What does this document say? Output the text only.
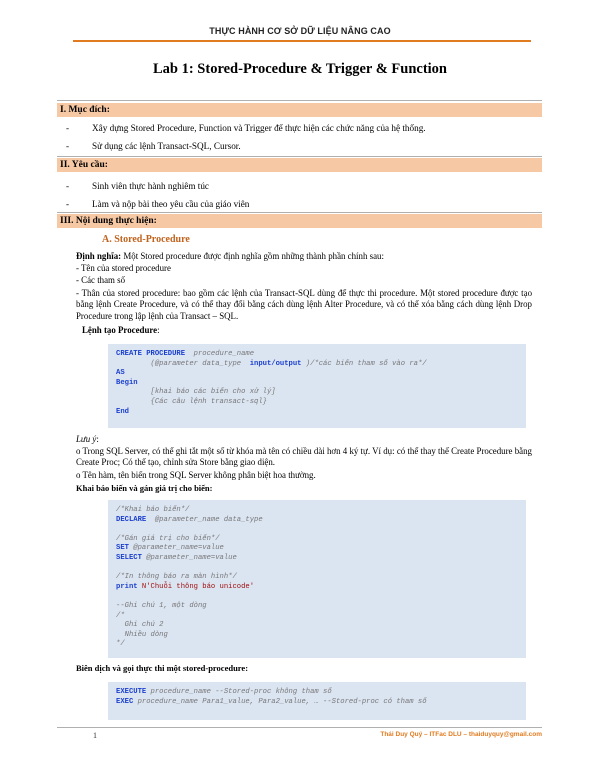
THỰC HÀNH CƠ SỞ DỮ LIỆU NÂNG CAO
Lab 1: Stored-Procedure & Trigger & Function
I. Mục đích:
- Xây dựng Stored Procedure, Function và Trigger để thực hiện các chức năng của hệ thống.
- Sử dụng các lệnh Transact-SQL, Cursor.
II. Yêu cầu:
- Sinh viên thực hành nghiêm túc
- Làm và nộp bài theo yêu cầu của giáo viên
III. Nội dung thực hiện:
A. Stored-Procedure
Định nghĩa: Một Stored procedure được định nghĩa gồm những thành phần chính sau:
- Tên của stored procedure
- Các tham số
- Thân của stored procedure: bao gồm các lệnh của Transact-SQL dùng để thực thi procedure. Một stored procedure được tạo bằng lệnh Create Procedure, và có thể thay đổi bằng cách dùng lệnh Alter Procedure, và có thể xóa bằng cách dùng lệnh Drop Procedure trong lập lệnh của Transact – SQL.
Lệnh tạo Procedure:
CREATE PROCEDURE  procedure_name
(@parameter data_type  input/output )/*các biến tham số vào ra*/
AS
Begin
[khai báo các biến cho xử lý]
{Các câu lệnh transact-sql}
End
Lưu ý:
o Trong SQL Server, có thể ghi tắt một số từ khóa mà tên có chiều dài hơn 4 ký tự. Ví dụ: có thể thay thế Create Procedure bằng Create Proc; Có thể tạo, chỉnh sửa Store bằng giao diện.
o Tên hàm, tên biến trong SQL Server không phân biệt hoa thường.
Khai báo biến và gán giá trị cho biến:
/*Khai báo biến*/
DECLARE  @parameter_name data_type

/*Gán giá trị cho biến*/
SET @parameter_name=value
SELECT @parameter_name=value

/*In thông báo ra màn hình*/
print N'Chuỗi thông báo unicode'

--Ghi chú 1, một dòng
/*
Ghi chú 2
Nhiều dòng
*/
Biên dịch và gọi thực thi một stored-procedure:
EXECUTE procedure_name --Stored-proc không tham số
EXEC procedure_name Para1_value, Para2_value, … --Stored-proc có tham số
1	Thái Duy Quý – ITFac DLU – thaiduyquy@gmail.com
